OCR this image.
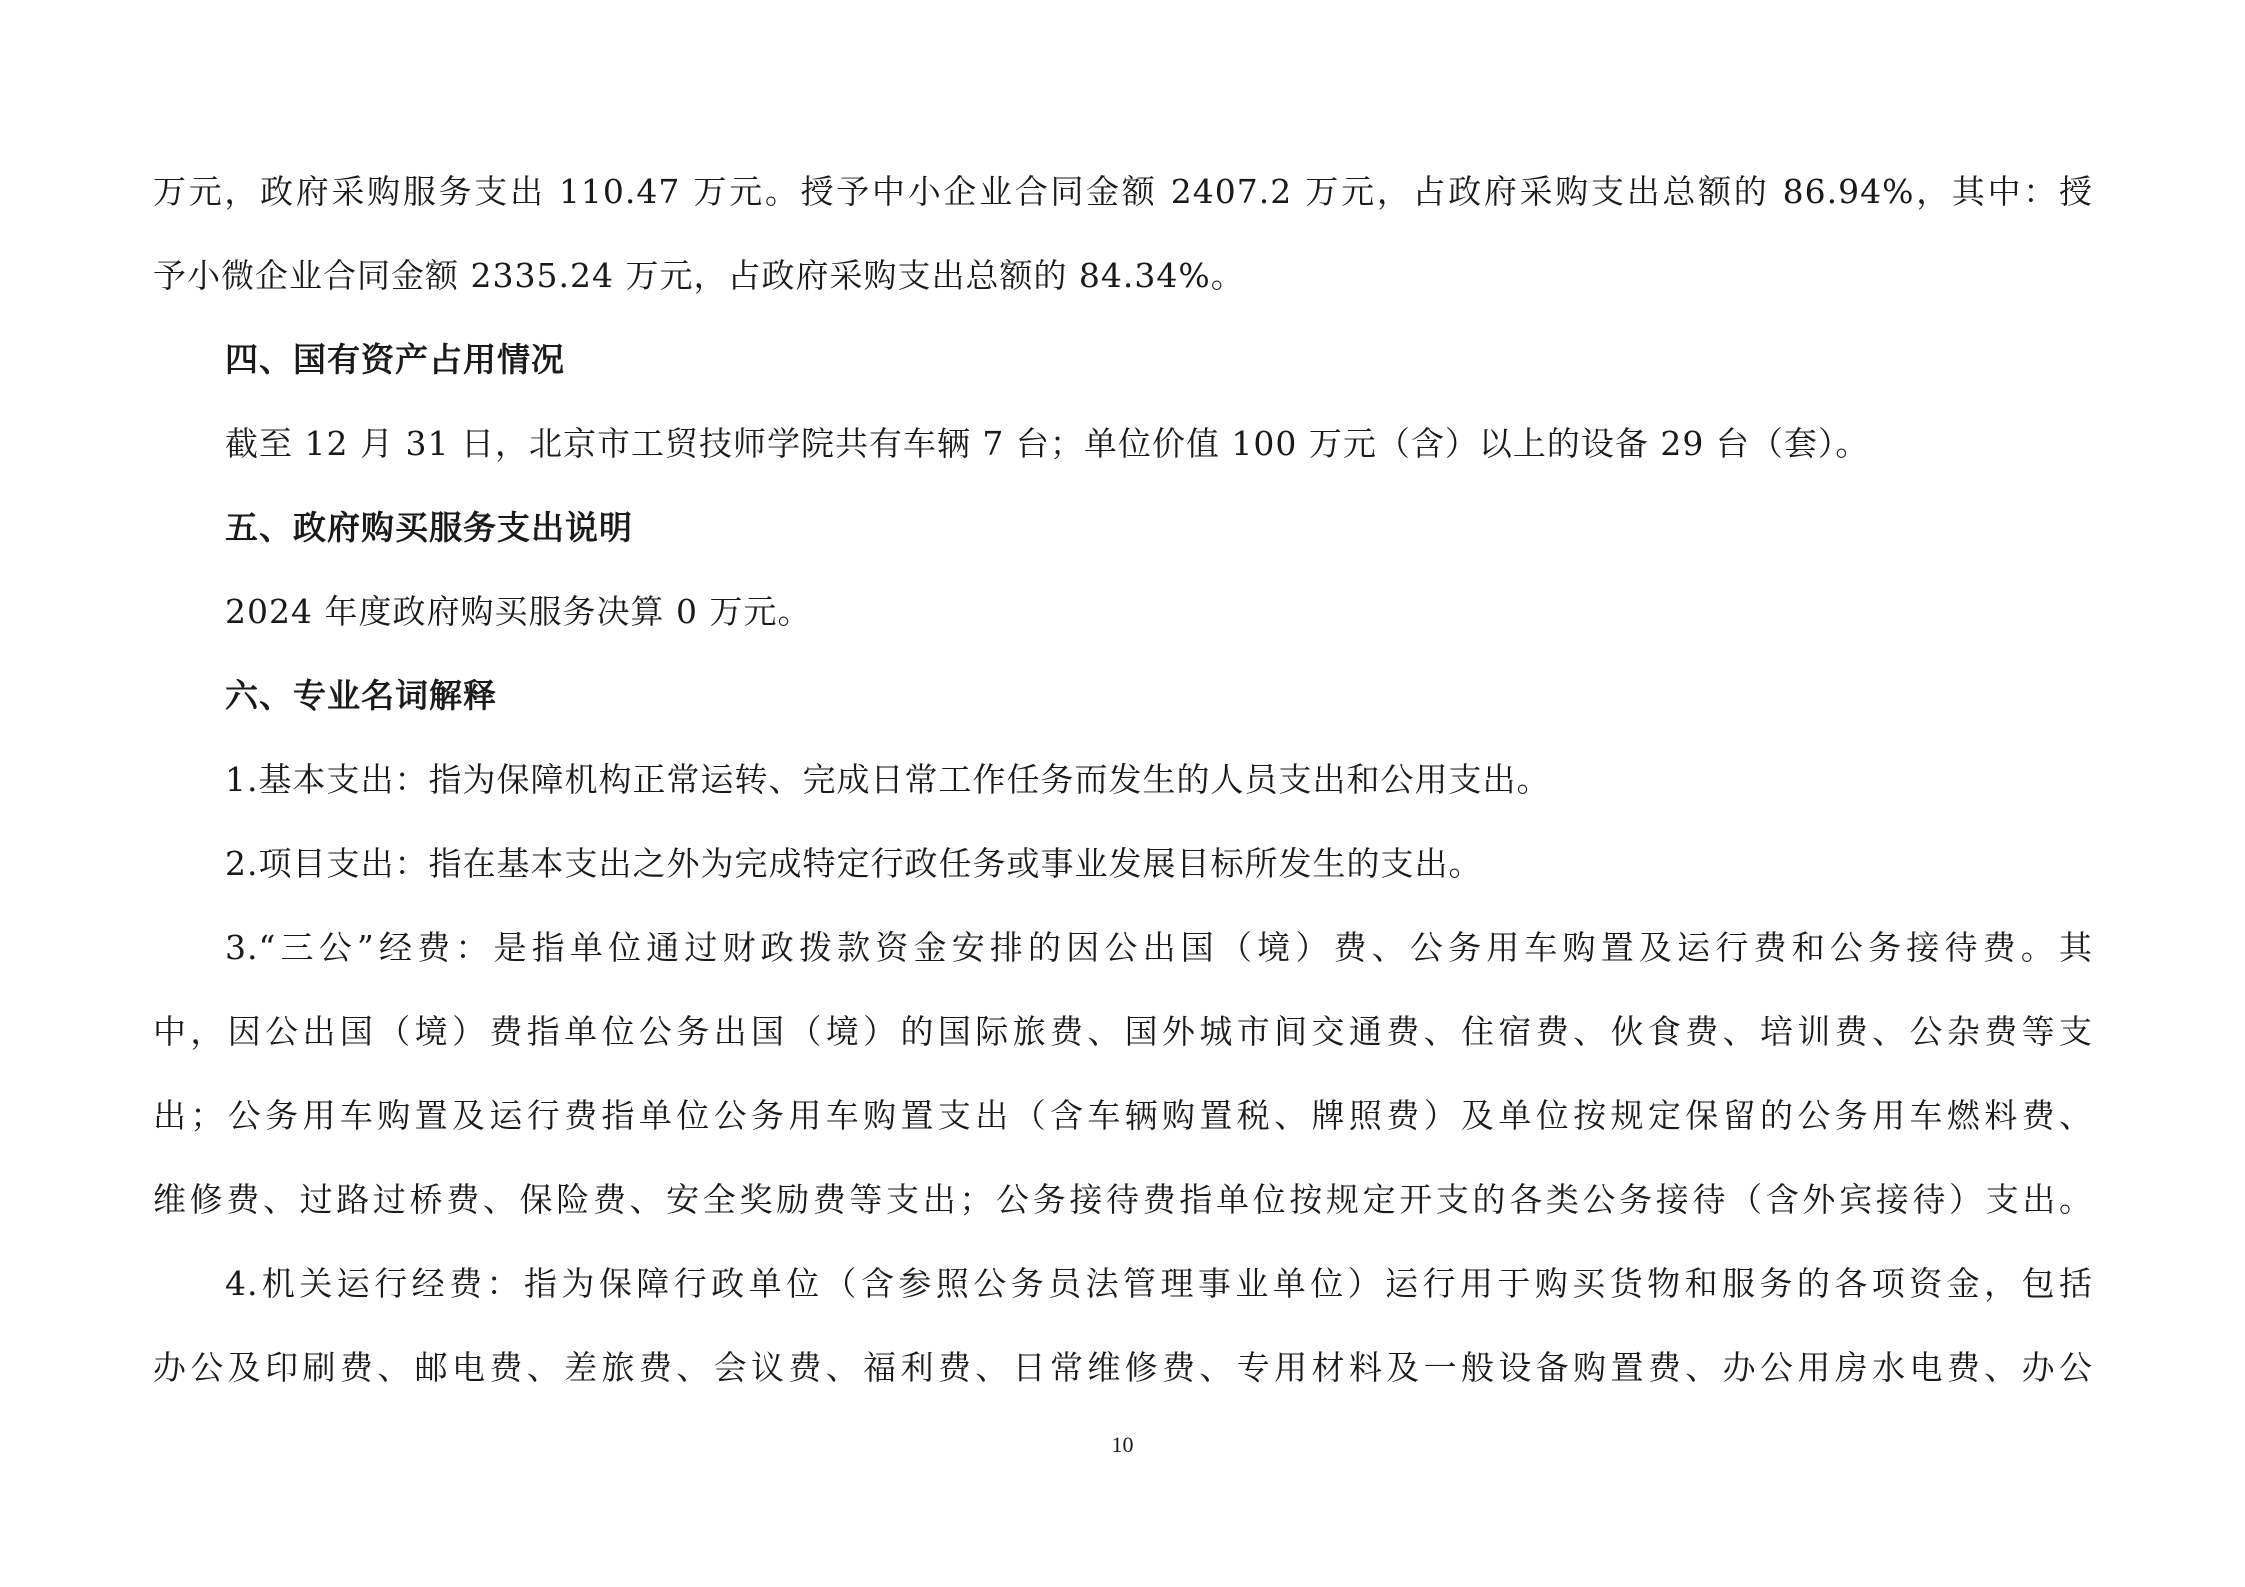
万元，政府采购服务支出 110.47 万元。授予中小企业合同金额 2407.2 万元，占政府采购支出总额的 86.94%，其中：授
予小微企业合同金额 2335.24 万元，占政府采购支出总额的 84.34%。
四、国有资产占用情况
截至 12 月 31 日，北京市工贸技师学院共有车辆 7 台；单位价值 100 万元（含）以上的设备 29 台（套）。
五、政府购买服务支出说明
2024 年度政府购买服务决算 0 万元。
六、专业名词解释
1.基本支出：指为保障机构正常运转、完成日常工作任务而发生的人员支出和公用支出。
2.项目支出：指在基本支出之外为完成特定行政任务或事业发展目标所发生的支出。
3.“三公”经费：是指单位通过财政拨款资金安排的因公出国（境）费、公务用车购置及运行费和公务接待费。其
中，因公出国（境）费指单位公务出国（境）的国际旅费、国外城市间交通费、住宿费、伙食费、培训费、公杂费等支
出；公务用车购置及运行费指单位公务用车购置支出（含车辆购置税、牌照费）及单位按规定保留的公务用车燃料费、
维修费、过路过桥费、保险费、安全奖励费等支出；公务接待费指单位按规定开支的各类公务接待（含外宾接待）支出。
4.机关运行经费：指为保障行政单位（含参照公务员法管理事业单位）运行用于购买货物和服务的各项资金，包括
办公及印刷费、邮电费、差旅费、会议费、福利费、日常维修费、专用材料及一般设备购置费、办公用房水电费、办公
10
